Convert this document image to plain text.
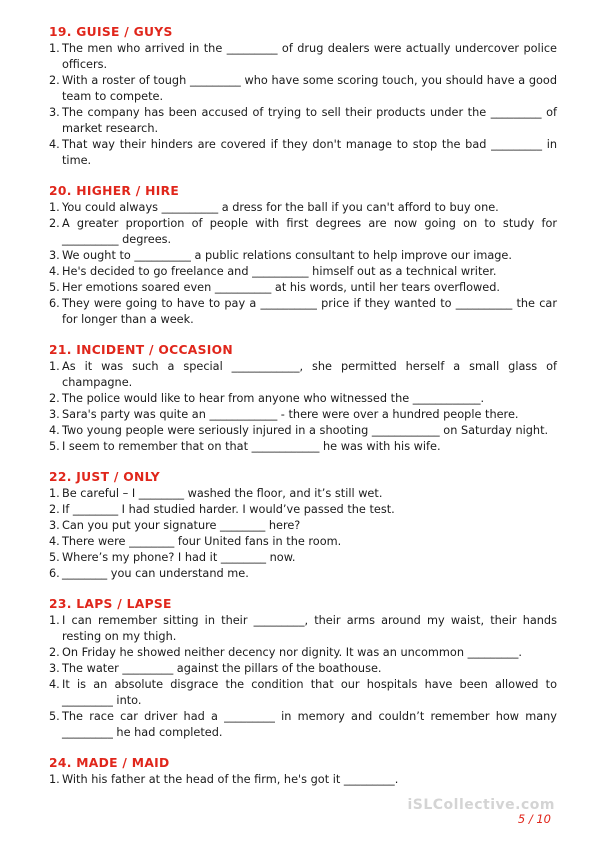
19. GUISE / GUYS
1. The men who arrived in the _________ of drug dealers were actually undercover police officers.
2. With a roster of tough _________ who have some scoring touch, you should have a good team to compete.
3. The company has been accused of trying to sell their products under the _________ of market research.
4. That way their hinders are covered if they don't manage to stop the bad _________ in time.
20. HIGHER / HIRE
1. You could always __________ a dress for the ball if you can't afford to buy one.
2. A greater proportion of people with first degrees are now going on to study for __________ degrees.
3. We ought to __________ a public relations consultant to help improve our image.
4. He's decided to go freelance and __________ himself out as a technical writer.
5. Her emotions soared even __________ at his words, until her tears overflowed.
6. They were going to have to pay a __________ price if they wanted to __________ the car for longer than a week.
21. INCIDENT / OCCASION
1. As it was such a special ____________, she permitted herself a small glass of champagne.
2. The police would like to hear from anyone who witnessed the ____________.
3. Sara's party was quite an ____________ - there were over a hundred people there.
4. Two young people were seriously injured in a shooting ____________ on Saturday night.
5. I seem to remember that on that ____________ he was with his wife.
22. JUST / ONLY
1. Be careful – I ________ washed the floor, and it’s still wet.
2. If ________ I had studied harder. I would’ve passed the test.
3. Can you put your signature ________ here?
4. There were ________ four United fans in the room.
5. Where’s my phone? I had it ________ now.
6. ________ you can understand me.
23. LAPS / LAPSE
1. I can remember sitting in their _________, their arms around my waist, their hands resting on my thigh.
2. On Friday he showed neither decency nor dignity. It was an uncommon _________.
3. The water _________ against the pillars of the boathouse.
4. It is an absolute disgrace the condition that our hospitals have been allowed to _________ into.
5. The race car driver had a _________ in memory and couldn’t remember how many _________ he had completed.
24. MADE / MAID
1. With his father at the head of the firm, he's got it _________.
iSLCollective.com
5 / 10
